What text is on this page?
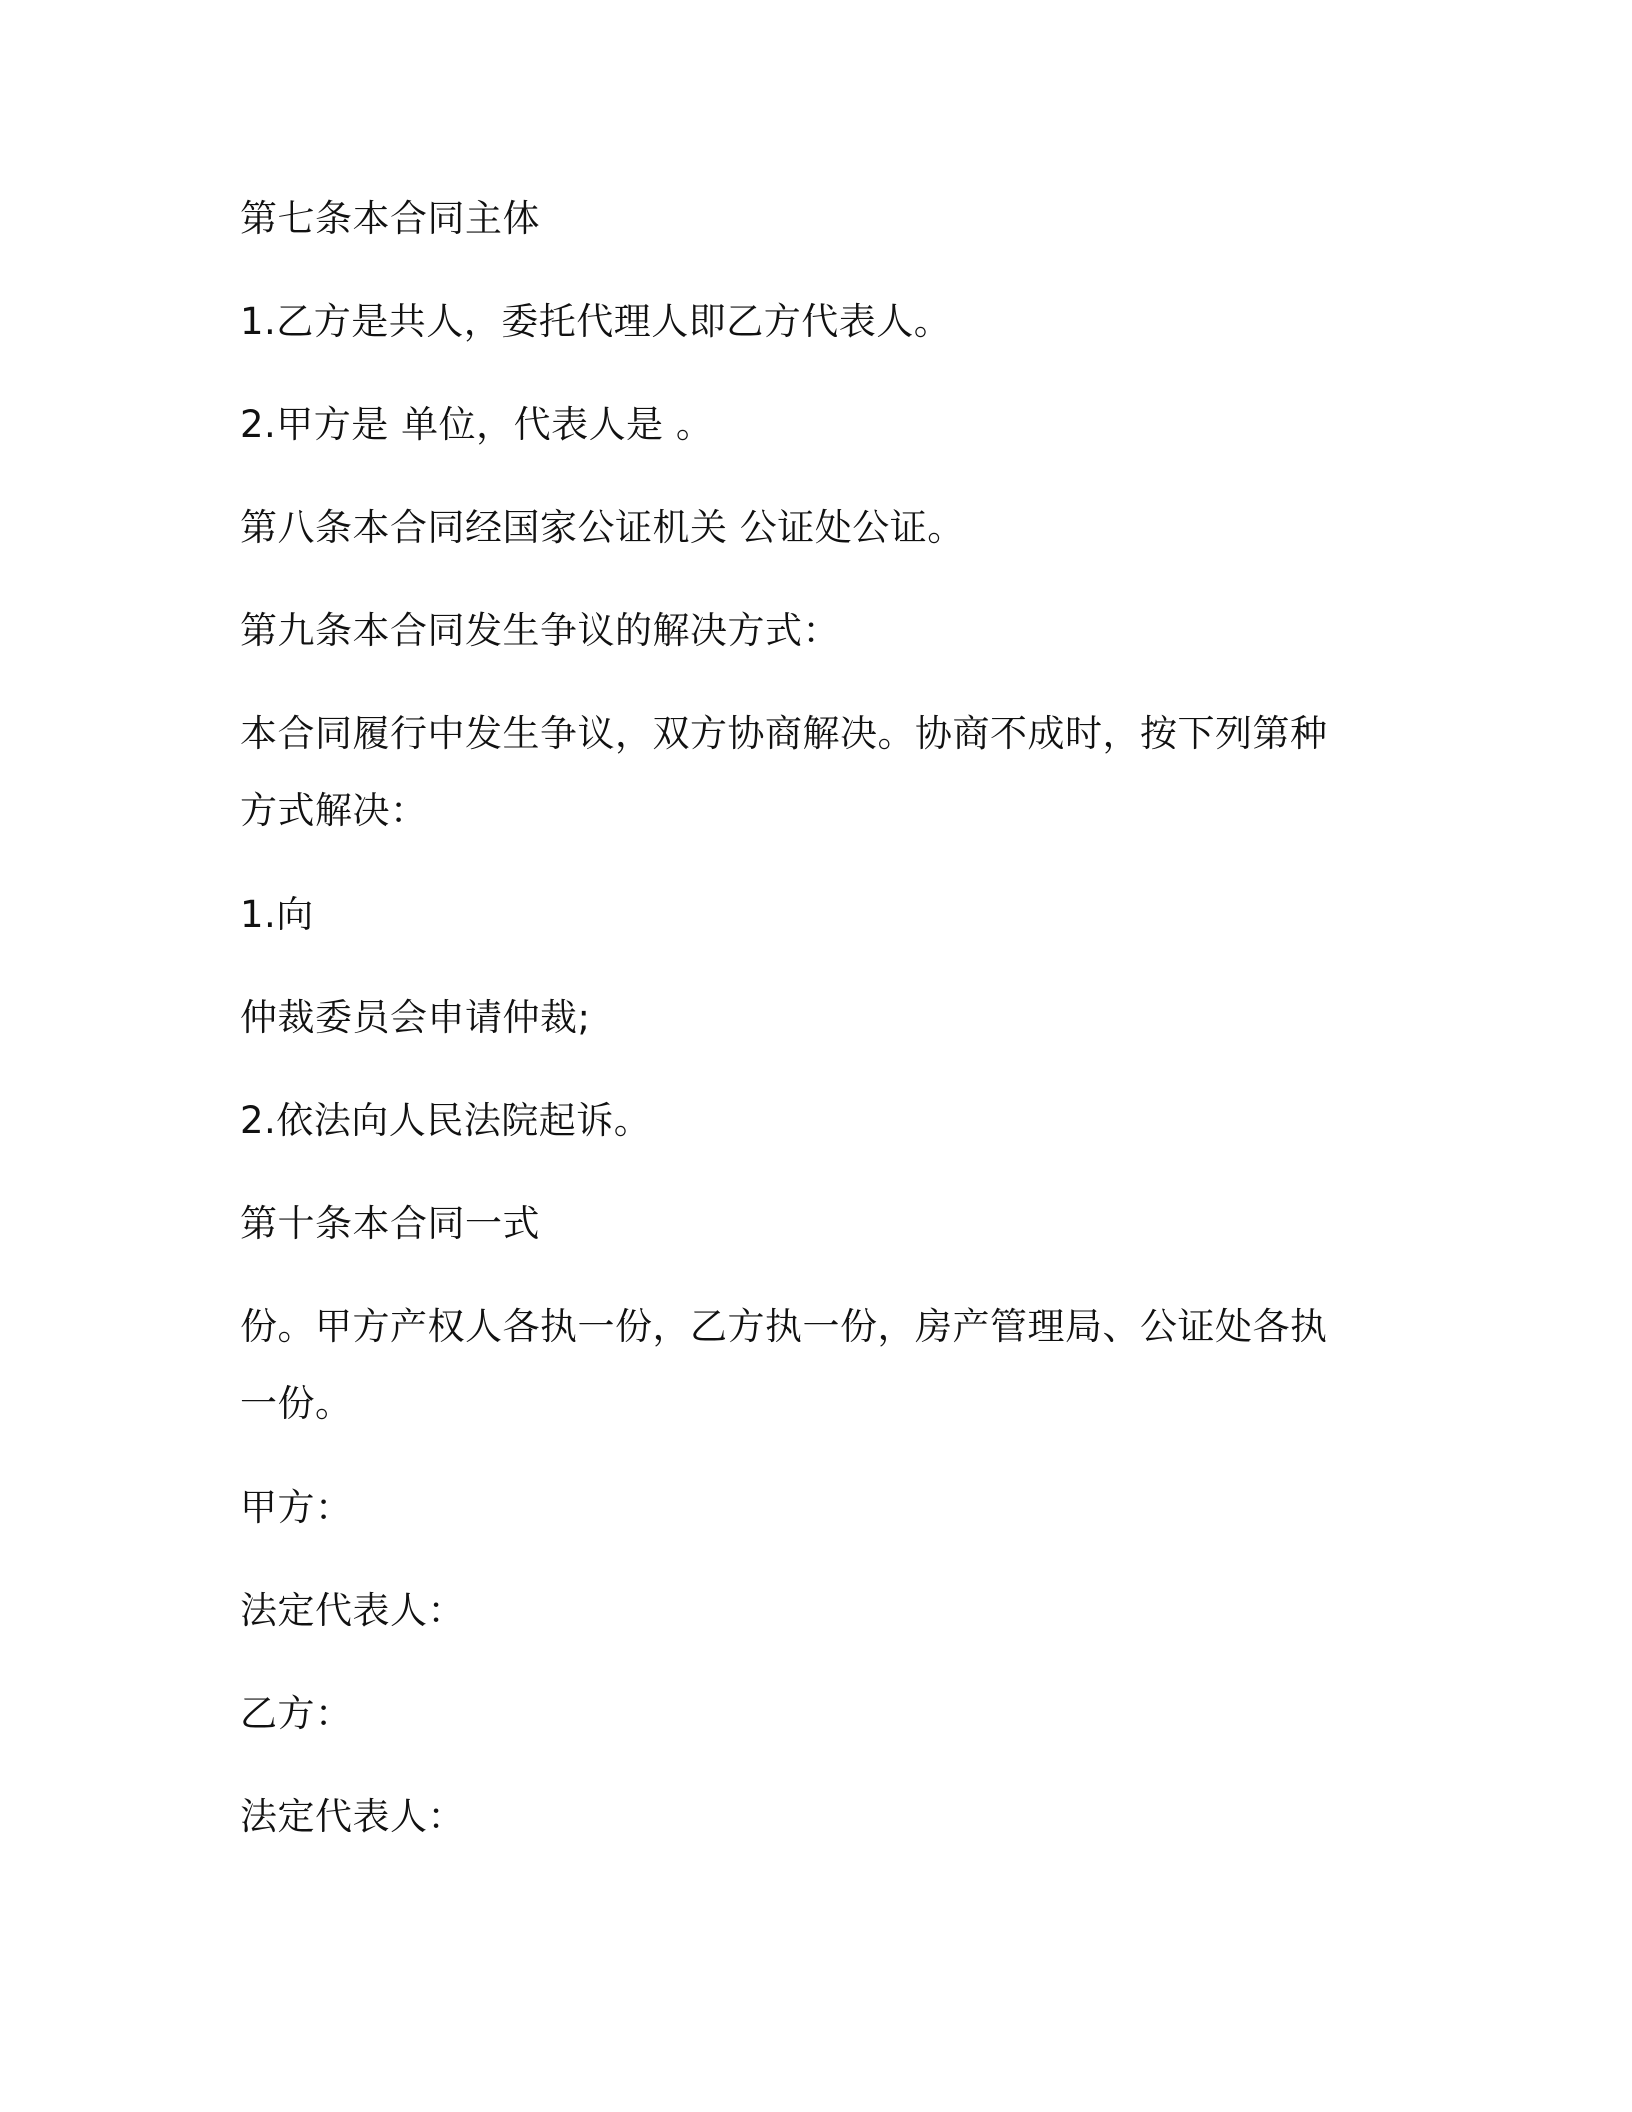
第七条本合同主体

1.乙方是共人，委托代理人即乙方代表人。

2.甲方是 单位，代表人是 。

第八条本合同经国家公证机关 公证处公证。

第九条本合同发生争议的解决方式：

本合同履行中发生争议，双方协商解决。协商不成时，按下列第种方式解决：

1.向

仲裁委员会申请仲裁;

2.依法向人民法院起诉。

第十条本合同一式

份。甲方产权人各执一份，乙方执一份，房产管理局、公证处各执一份。

甲方：

法定代表人：

乙方：

法定代表人：
